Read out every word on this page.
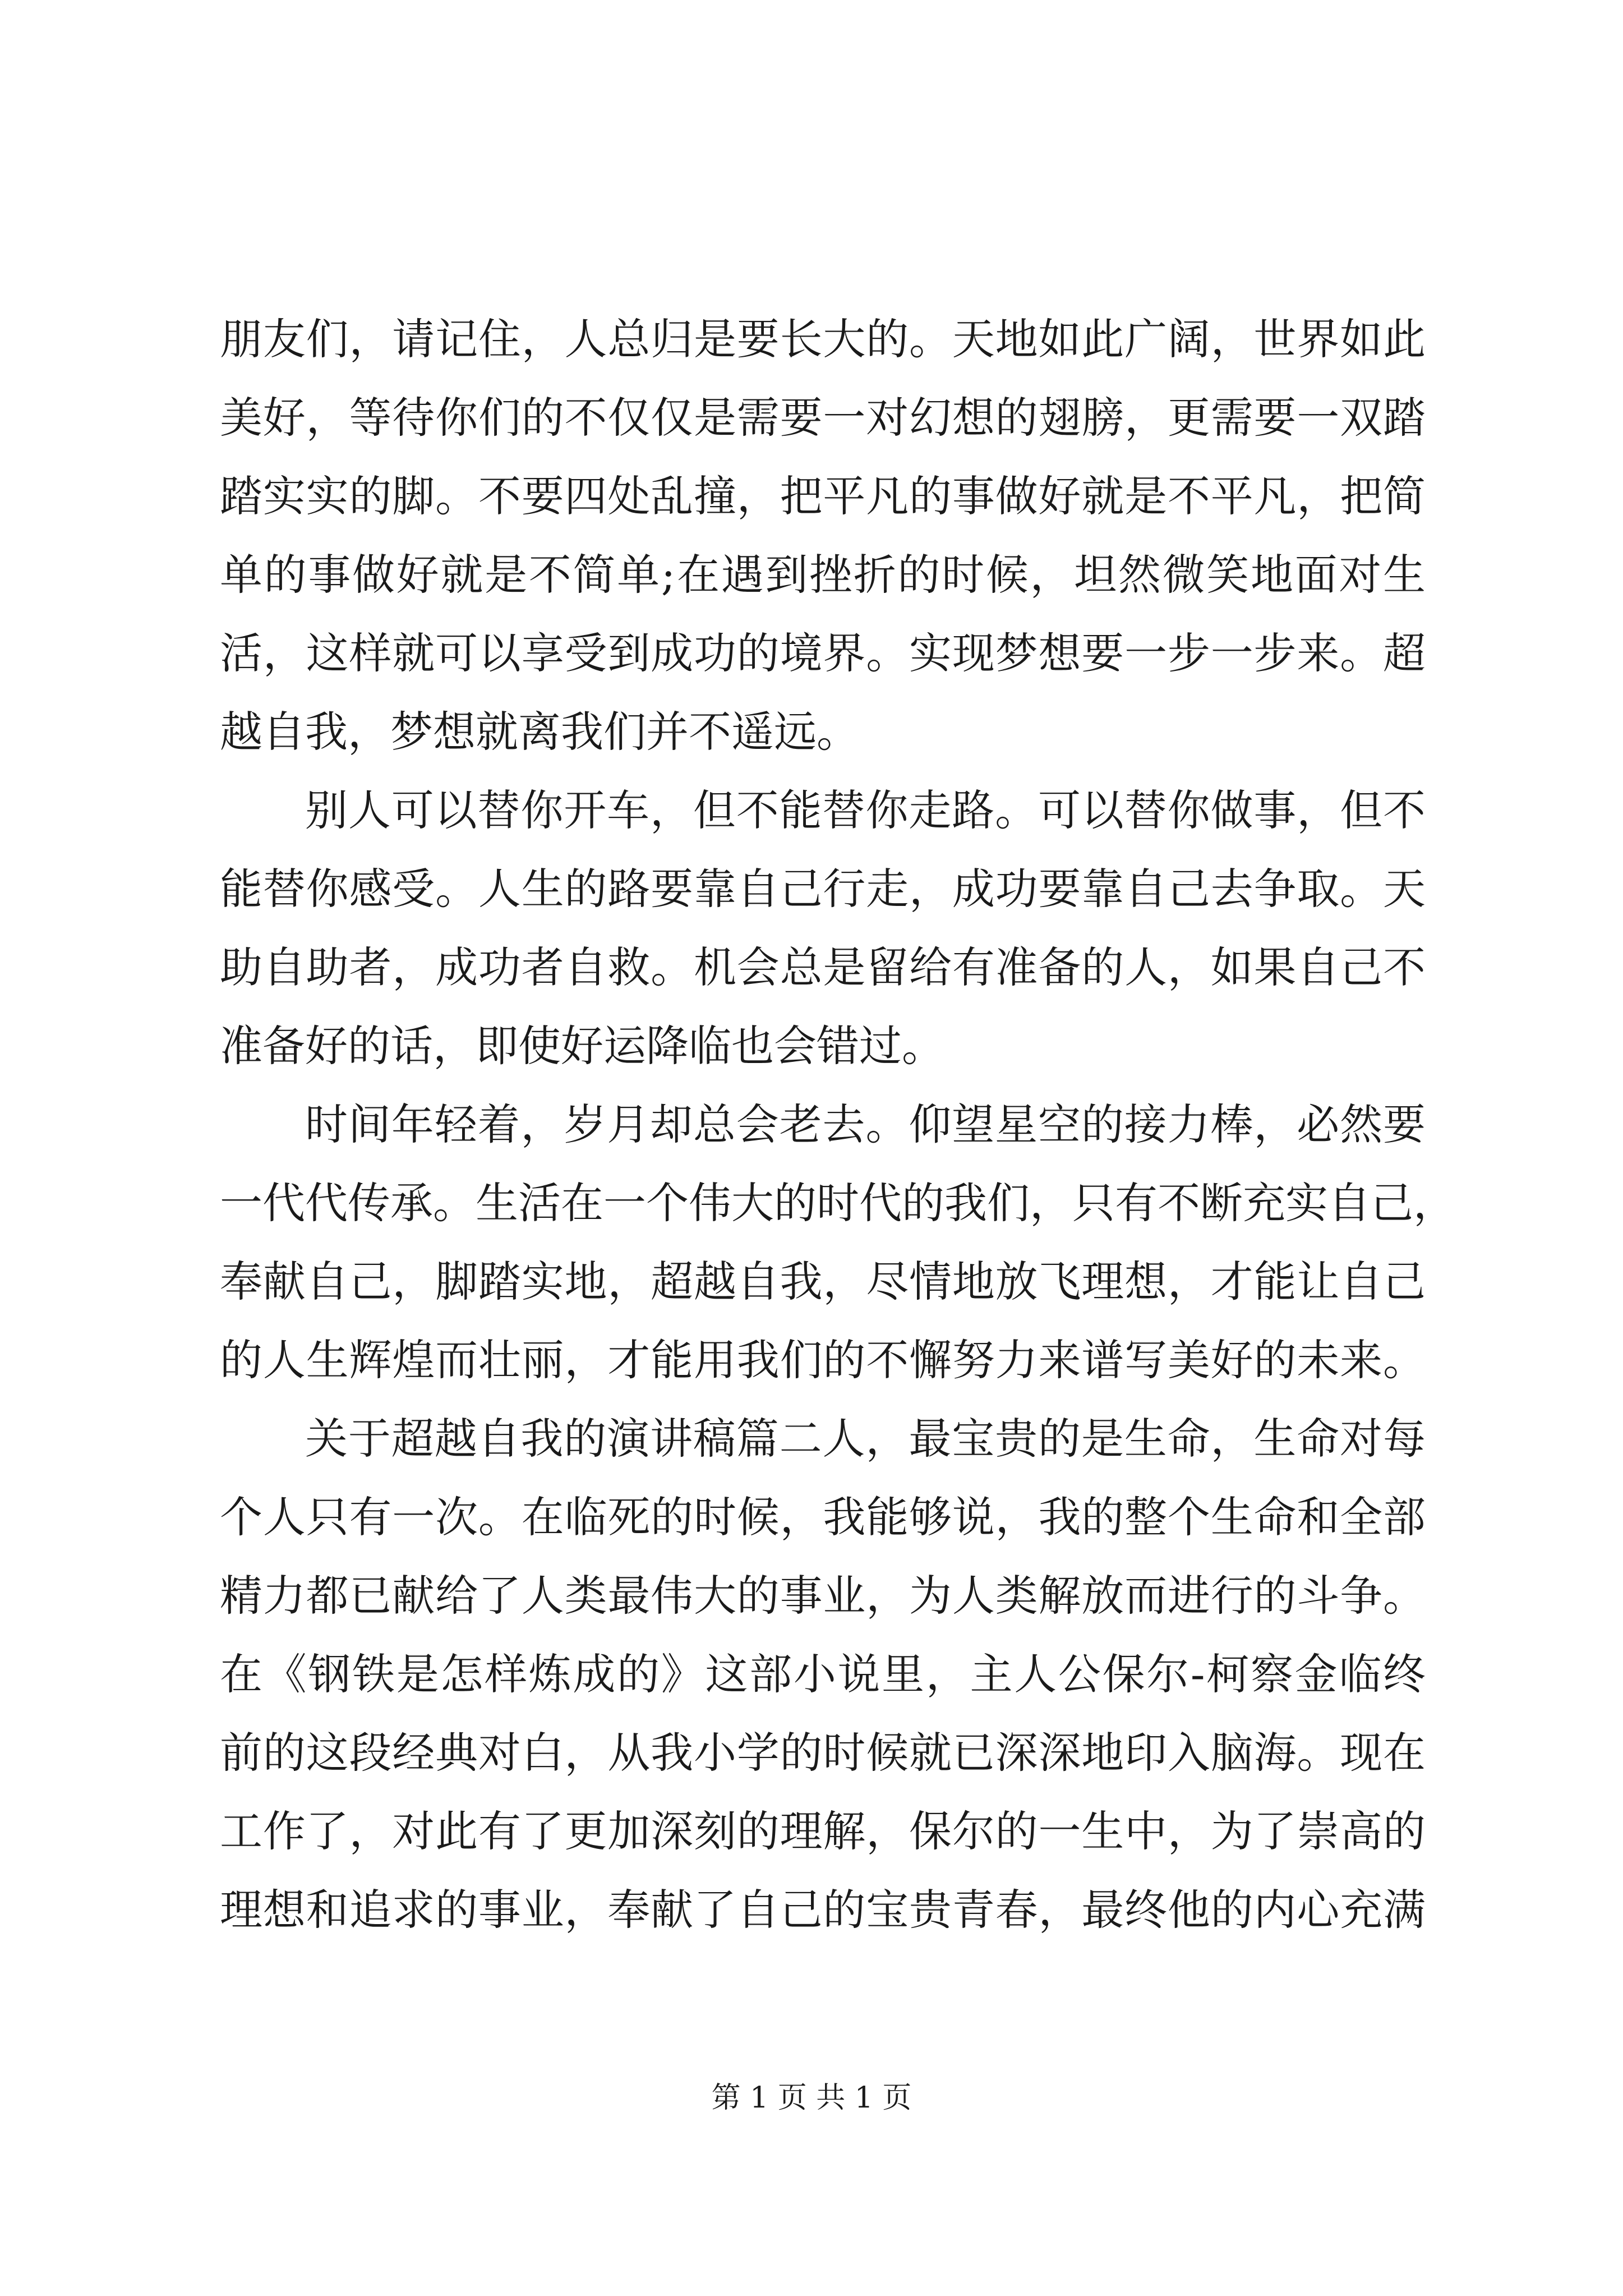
朋友们，请记住，人总归是要长大的。天地如此广阔，世界如此
美好，等待你们的不仅仅是需要一对幻想的翅膀，更需要一双踏
踏实实的脚。不要四处乱撞，把平凡的事做好就是不平凡，把简
单的事做好就是不简单;在遇到挫折的时候，坦然微笑地面对生
活，这样就可以享受到成功的境界。实现梦想要一步一步来。超
越自我，梦想就离我们并不遥远。
别人可以替你开车，但不能替你走路。可以替你做事，但不
能替你感受。人生的路要靠自己行走，成功要靠自己去争取。天
助自助者，成功者自救。机会总是留给有准备的人，如果自己不
准备好的话，即使好运降临也会错过。
时间年轻着，岁月却总会老去。仰望星空的接力棒，必然要
一代代传承。生活在一个伟大的时代的我们，只有不断充实自己，
奉献自己，脚踏实地，超越自我，尽情地放飞理想，才能让自己
的人生辉煌而壮丽，才能用我们的不懈努力来谱写美好的未来。
关于超越自我的演讲稿篇二人，最宝贵的是生命，生命对每
个人只有一次。在临死的时候，我能够说，我的整个生命和全部
精力都已献给了人类最伟大的事业，为人类解放而进行的斗争。
在《钢铁是怎样炼成的》这部小说里，主人公保尔-柯察金临终
前的这段经典对白，从我小学的时候就已深深地印入脑海。现在
工作了，对此有了更加深刻的理解，保尔的一生中，为了崇高的
理想和追求的事业，奉献了自己的宝贵青春，最终他的内心充满
第 1 页 共 1 页
